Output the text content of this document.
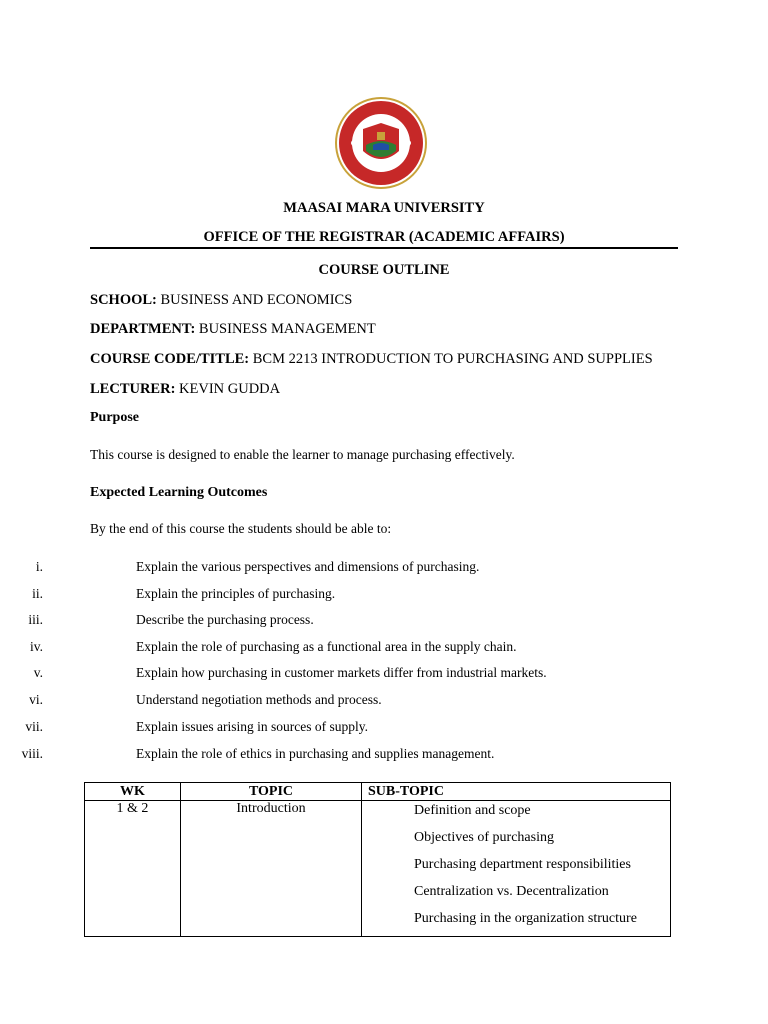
MAASAI MARA UNIVERSITY
OFFICE OF THE REGISTRAR (ACADEMIC AFFAIRS)
COURSE OUTLINE
SCHOOL: BUSINESS AND ECONOMICS
DEPARTMENT: BUSINESS MANAGEMENT
COURSE CODE/TITLE: BCM 2213 INTRODUCTION TO PURCHASING AND SUPPLIES
LECTURER: KEVIN GUDDA
Purpose
This course is designed to enable the learner to manage purchasing effectively.
Expected Learning Outcomes
By the end of this course the students should be able to:
i.	Explain the various perspectives and dimensions of purchasing.
ii.	Explain the principles of purchasing.
iii.	Describe the purchasing process.
iv.	Explain the role of purchasing as a functional area in the supply chain.
v.	Explain how purchasing in customer markets differ from industrial markets.
vi.	Understand negotiation methods and process.
vii.	Explain issues arising in sources of supply.
viii.	Explain the role of ethics in purchasing and supplies management.
WK	TOPIC	SUB-TOPIC
1 & 2	Introduction	Definition and scope
Objectives of purchasing
Purchasing department responsibilities
Centralization vs. Decentralization
Purchasing in the organization structure
